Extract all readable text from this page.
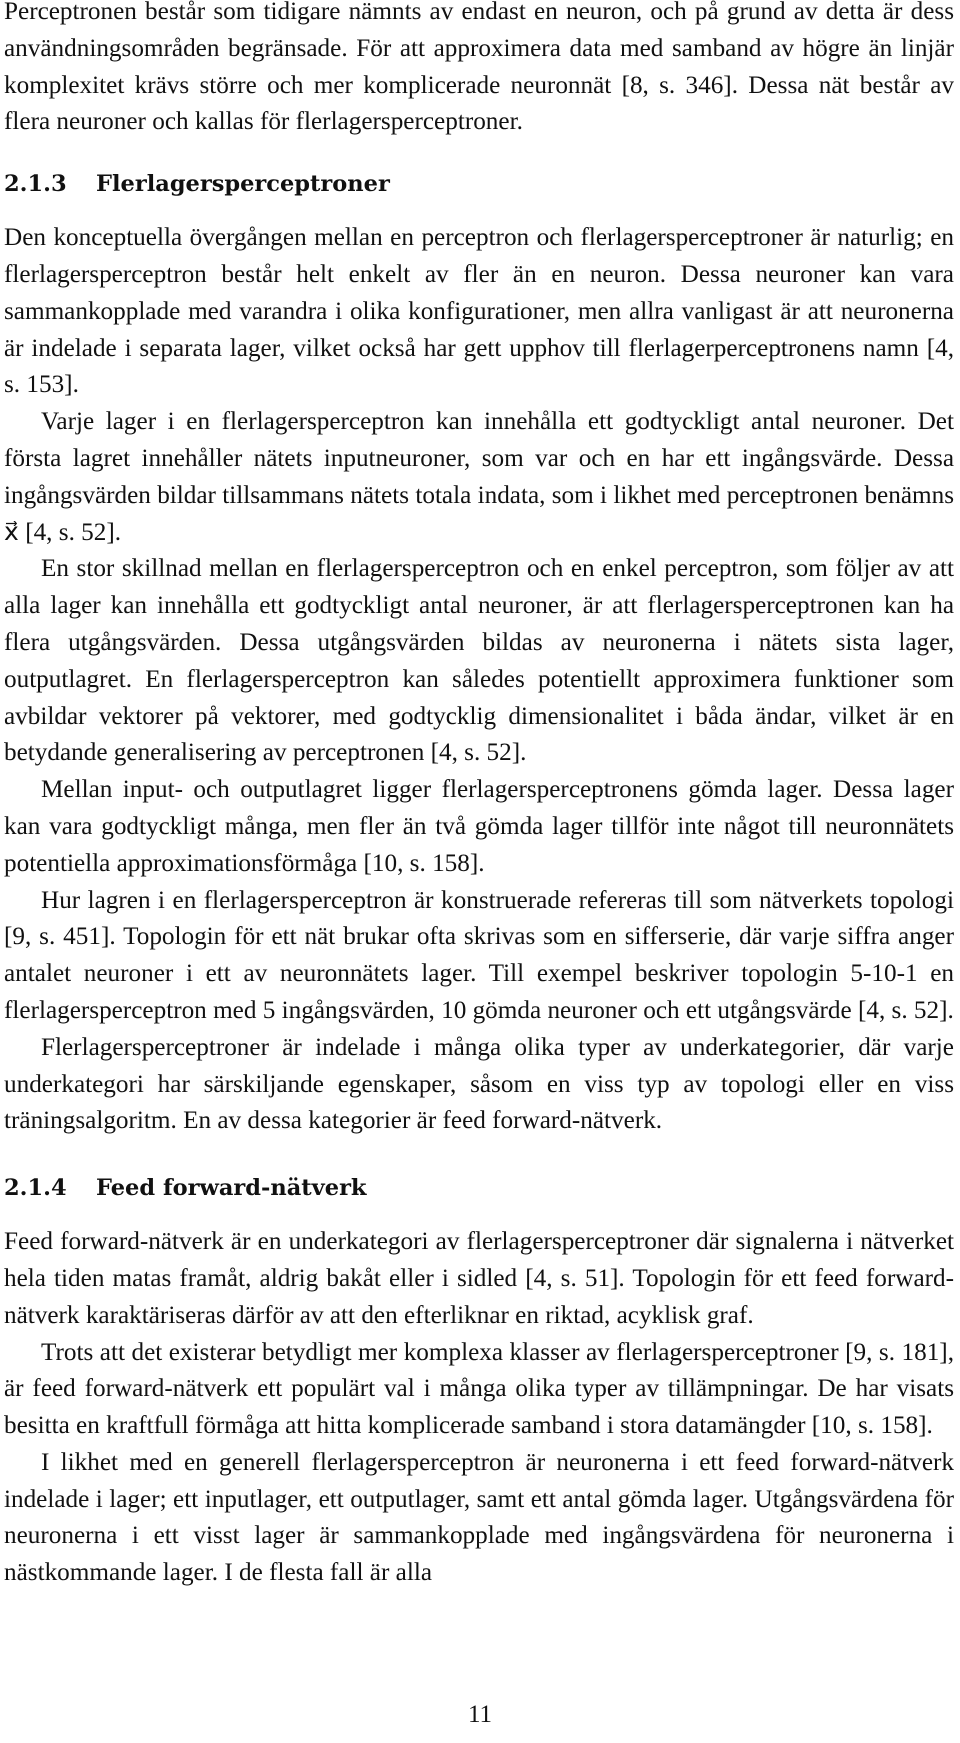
Perceptronen består som tidigare nämnts av endast en neuron, och på grund av detta är dess användningsområden begränsade. För att approximera data med samband av högre än linjär komplexitet krävs större och mer komplicerade neuronnät [8, s. 346]. Dessa nät består av flera neuroner och kallas för flerlagersperceptroner.

2.1.3 Flerlagersperceptroner

Den konceptuella övergången mellan en perceptron och flerlagersperceptroner är naturlig; en flerlagersperceptron består helt enkelt av fler än en neuron. Dessa neuroner kan vara sammankopplade med varandra i olika konfigurationer, men allra vanligast är att neuronerna är indelade i separata lager, vilket också har gett upphov till flerlagerperceptronens namn [4, s. 153].

Varje lager i en flerlagersperceptron kan innehålla ett godtyckligt antal neuroner. Det första lagret innehåller nätets inputneuroner, som var och en har ett ingångsvärde. Dessa ingångsvärden bildar tillsammans nätets totala indata, som i likhet med perceptronen benämns x⃗ [4, s. 52].

En stor skillnad mellan en flerlagersperceptron och en enkel perceptron, som följer av att alla lager kan innehålla ett godtyckligt antal neuroner, är att flerlagersperceptronen kan ha flera utgångsvärden. Dessa utgångsvärden bildas av neuronerna i nätets sista lager, outputlagret. En flerlagersperceptron kan således potentiellt approximera funktioner som avbildar vektorer på vektorer, med godtycklig dimensionalitet i båda ändar, vilket är en betydande generalisering av perceptronen [4, s. 52].

Mellan input- och outputlagret ligger flerlagersperceptronens gömda lager. Dessa lager kan vara godtyckligt många, men fler än två gömda lager tillför inte något till neuronnätets potentiella approximationsförmåga [10, s. 158].

Hur lagren i en flerlagersperceptron är konstruerade refereras till som nätverkets topologi [9, s. 451]. Topologin för ett nät brukar ofta skrivas som en sifferserie, där varje siffra anger antalet neuroner i ett av neuronnätets lager. Till exempel beskriver topologin 5-10-1 en flerlagersperceptron med 5 ingångsvärden, 10 gömda neuroner och ett utgångsvärde [4, s. 52].

Flerlagersperceptroner är indelade i många olika typer av underkategorier, där varje underkategori har särskiljande egenskaper, såsom en viss typ av topologi eller en viss träningsalgoritm. En av dessa kategorier är feed forward-nätverk.

2.1.4 Feed forward-nätverk

Feed forward-nätverk är en underkategori av flerlagersperceptroner där signalerna i nätverket hela tiden matas framåt, aldrig bakåt eller i sidled [4, s. 51]. Topologin för ett feed forward-nätverk karaktäriseras därför av att den efterliknar en riktad, acyklisk graf.

Trots att det existerar betydligt mer komplexa klasser av flerlagersperceptroner [9, s. 181], är feed forward-nätverk ett populärt val i många olika typer av tillämpningar. De har visats besitta en kraftfull förmåga att hitta komplicerade samband i stora datamängder [10, s. 158].

I likhet med en generell flerlagersperceptron är neuronerna i ett feed forward-nätverk indelade i lager; ett inputlager, ett outputlager, samt ett antal gömda lager. Utgångsvärdena för neuronerna i ett visst lager är sammankopplade med ingångsvärdena för neuronerna i nästkommande lager. I de flesta fall är alla

11
